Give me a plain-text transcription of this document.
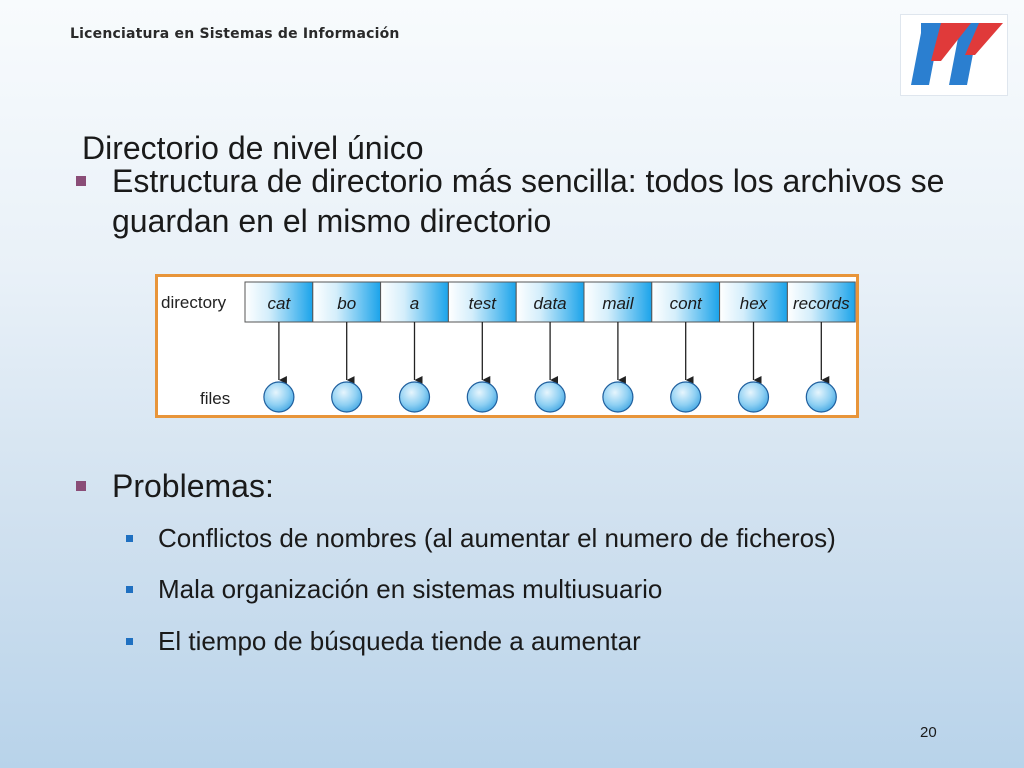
Licenciatura en Sistemas de Información
Directorio de nivel único
Estructura de directorio más sencilla: todos los archivos se guardan en el mismo directorio
directory
files
cat	bo	a	test data mail cont hex records
Problemas:
Conflictos de nombres (al aumentar el numero de ficheros)
Mala organización en sistemas multiusuario
El tiempo de búsqueda tiende a aumentar
20
